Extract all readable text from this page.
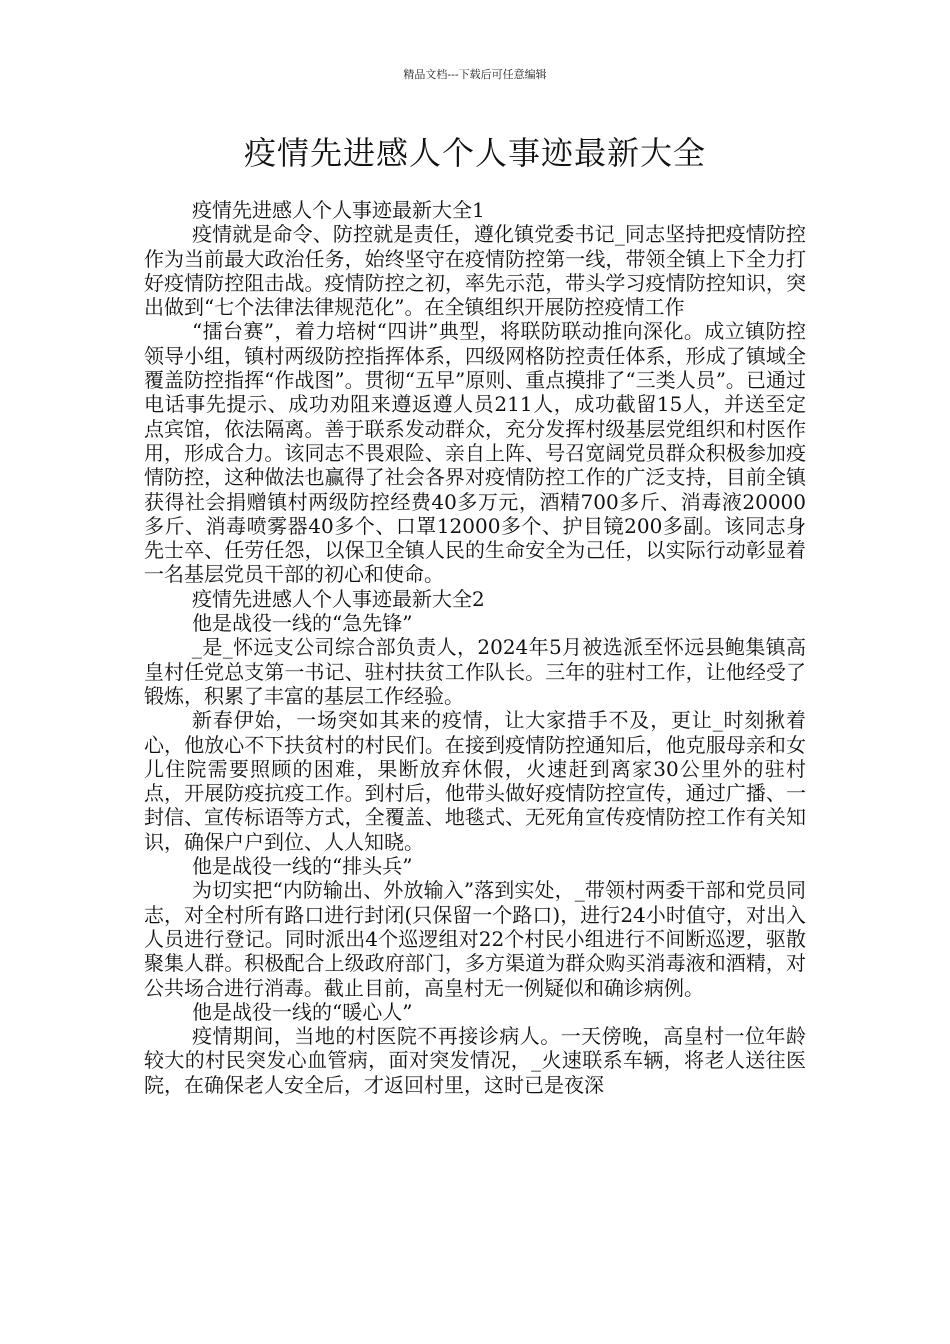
精品文档---下载后可任意编辑
疫情先进感人个人事迹最新大全

疫情先进感人个人事迹最新大全1

疫情就是命令、防控就是责任，遵化镇党委书记_同志坚持把疫情防控作为当前最大政治任务，始终坚守在疫情防控第一线，带领全镇上下全力打好疫情防控阻击战。疫情防控之初，率先示范，带头学习疫情防控知识，突出做到“七个法律法律规范化”。在全镇组织开展防控疫情工作

“擂台赛”，着力培树“四讲”典型，将联防联动推向深化。成立镇防控领导小组，镇村两级防控指挥体系，四级网格防控责任体系，形成了镇域全覆盖防控指挥“作战图”。贯彻“五早”原则、重点摸排了“三类人员”。已通过电话事先提示、成功劝阻来遵返遵人员211人，成功截留15人，并送至定点宾馆，依法隔离。善于联系发动群众，充分发挥村级基层党组织和村医作用，形成合力。该同志不畏艰险、亲自上阵、号召宽阔党员群众积极参加疫情防控，这种做法也赢得了社会各界对疫情防控工作的广泛支持，目前全镇获得社会捐赠镇村两级防控经费40多万元，酒精700多斤、消毒液20000多斤、消毒喷雾器40多个、口罩12000多个、护目镜200多副。该同志身先士卒、任劳任怨，以保卫全镇人民的生命安全为己任，以实际行动彰显着一名基层党员干部的初心和使命。

疫情先进感人个人事迹最新大全2

他是战役一线的“急先锋”

_是_怀远支公司综合部负责人，2024年5月被选派至怀远县鲍集镇高皇村任党总支第一书记、驻村扶贫工作队长。三年的驻村工作，让他经受了锻炼，积累了丰富的基层工作经验。

新春伊始，一场突如其来的疫情，让大家措手不及，更让_时刻揪着心，他放心不下扶贫村的村民们。在接到疫情防控通知后，他克服母亲和女儿住院需要照顾的困难，果断放弃休假，火速赶到离家30公里外的驻村点，开展防疫抗疫工作。到村后，他带头做好疫情防控宣传，通过广播、一封信、宣传标语等方式，全覆盖、地毯式、无死角宣传疫情防控工作有关知识，确保户户到位、人人知晓。

他是战役一线的“排头兵”

为切实把“内防输出、外放输入”落到实处，_带领村两委干部和党员同志，对全村所有路口进行封闭(只保留一个路口)，进行24小时值守，对出入人员进行登记。同时派出4个巡逻组对22个村民小组进行不间断巡逻，驱散聚集人群。积极配合上级政府部门，多方渠道为群众购买消毒液和酒精，对公共场合进行消毒。截止目前，高皇村无一例疑似和确诊病例。

他是战役一线的“暖心人”

疫情期间，当地的村医院不再接诊病人。一天傍晚，高皇村一位年龄较大的村民突发心血管病，面对突发情况，_火速联系车辆，将老人送往医院，在确保老人安全后，才返回村里，这时已是夜深
